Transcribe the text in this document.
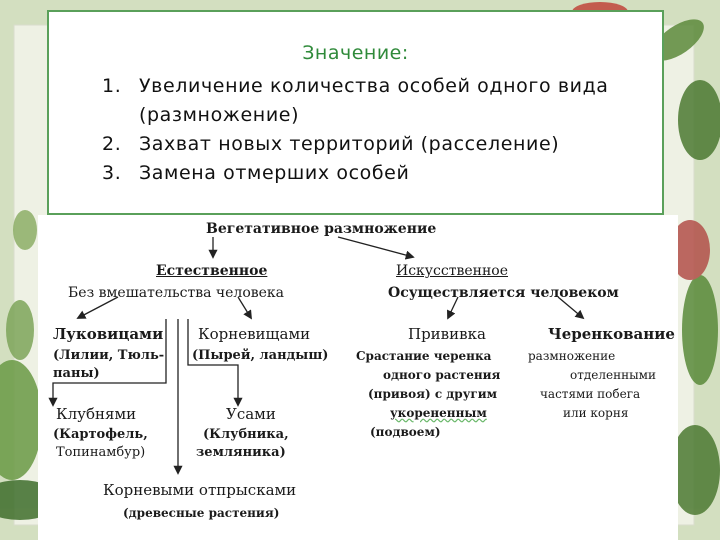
Значение:
1. Увеличение количества особей одного вида
(размножение)
2. Захват новых территорий (расселение)
3. Замена отмерших особей
Вегетативное размножение
Естественное
Без вмешательства человека
Искусственное
Осуществляется человеком
Луковицами
(Лилии, Тюль-
паны)
Корневищами
(Пырей, ландыш)
Клубнями
(Картофель,
Топинамбур)
Усами
(Клубника,
земляника)
Корневыми отпрысками
(древесные растения)
Прививка
Срастание черенка
одного растения
(привоя) с другим
укорененным
(подвоем)
Черенкование
размножение
отделенными
частями побега
или корня
